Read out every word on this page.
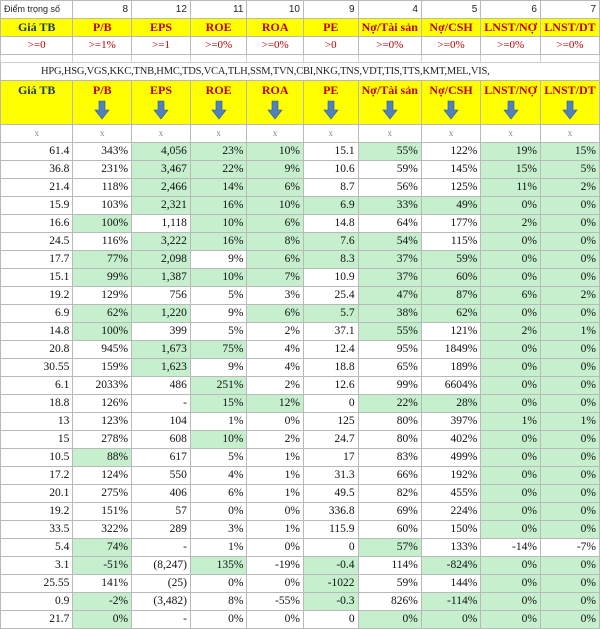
Điểm trọng số	8	12	11	10	9	4	5	6	7
Giá TB	P/B	EPS	ROE	ROA	PE	Nợ/Tài sản	Nợ/CSH	LNST/NỢ	LNST/DT
>=0	>=1%	>=1	>=0%	>=0%	>0	>=0%	>=0%	>=0%	>=0%

HPG,HSG,VGS,KKC,TNB,HMC,TDS,VCA,TLH,SSM,TVN,CBI,NKG,TNS,VDT,TIS,TTS,KMT,MEL,VIS,									
Giá TB	P/B	EPS	ROE	ROA	PE	Nợ/Tài sản	Nợ/CSH	LNST/NỢ	LNST/DT

x	x	x	x	x	x	x	x	x	x
61.4	343%	4,056	23%	10%	15.1	55%	122%	19%	15%
36.8	231%	3,467	22%	9%	10.6	59%	145%	15%	5%
21.4	118%	2,466	14%	6%	8.7	56%	125%	11%	2%
15.9	103%	2,321	16%	10%	6.9	33%	49%	0%	0%
16.6	100%	1,118	10%	6%	14.8	64%	177%	2%	0%
24.5	116%	3,222	16%	8%	7.6	54%	115%	0%	0%
17.7	77%	2,098	9%	6%	8.3	37%	59%	0%	0%
15.1	99%	1,387	10%	7%	10.9	37%	60%	0%	0%
19.2	129%	756	5%	3%	25.4	47%	87%	6%	2%
6.9	62%	1,220	9%	6%	5.7	38%	62%	0%	0%
14.8	100%	399	5%	2%	37.1	55%	121%	2%	1%
20.8	945%	1,673	75%	4%	12.4	95%	1849%	0%	0%
30.55	159%	1,623	9%	4%	18.8	65%	189%	0%	0%
6.1	2033%	486	251%	2%	12.6	99%	6604%	0%	0%
18.8	126%	-	15%	12%	0	22%	28%	0%	0%
13	123%	104	1%	0%	125	80%	397%	1%	1%
15	278%	608	10%	2%	24.7	80%	402%	0%	0%
10.5	88%	617	5%	1%	17	83%	499%	0%	0%
17.2	124%	550	4%	1%	31.3	66%	192%	0%	0%
20.1	275%	406	6%	1%	49.5	82%	455%	0%	0%
19.2	151%	57	0%	0%	336.8	69%	224%	0%	0%
33.5	322%	289	3%	1%	115.9	60%	150%	0%	0%
5.4	74%	-	1%	0%	0	57%	133%	-14%	-7%
3.1	-51%	(8,247)	135%	-19%	-0.4	114%	-824%	0%	0%
25.55	141%	(25)	0%	0%	-1022	59%	144%	0%	0%
0.9	-2%	(3,482)	8%	-55%	-0.3	826%	-114%	0%	0%
21.7	0%	-	0%	0%	0	0%	0%	0%	0%
